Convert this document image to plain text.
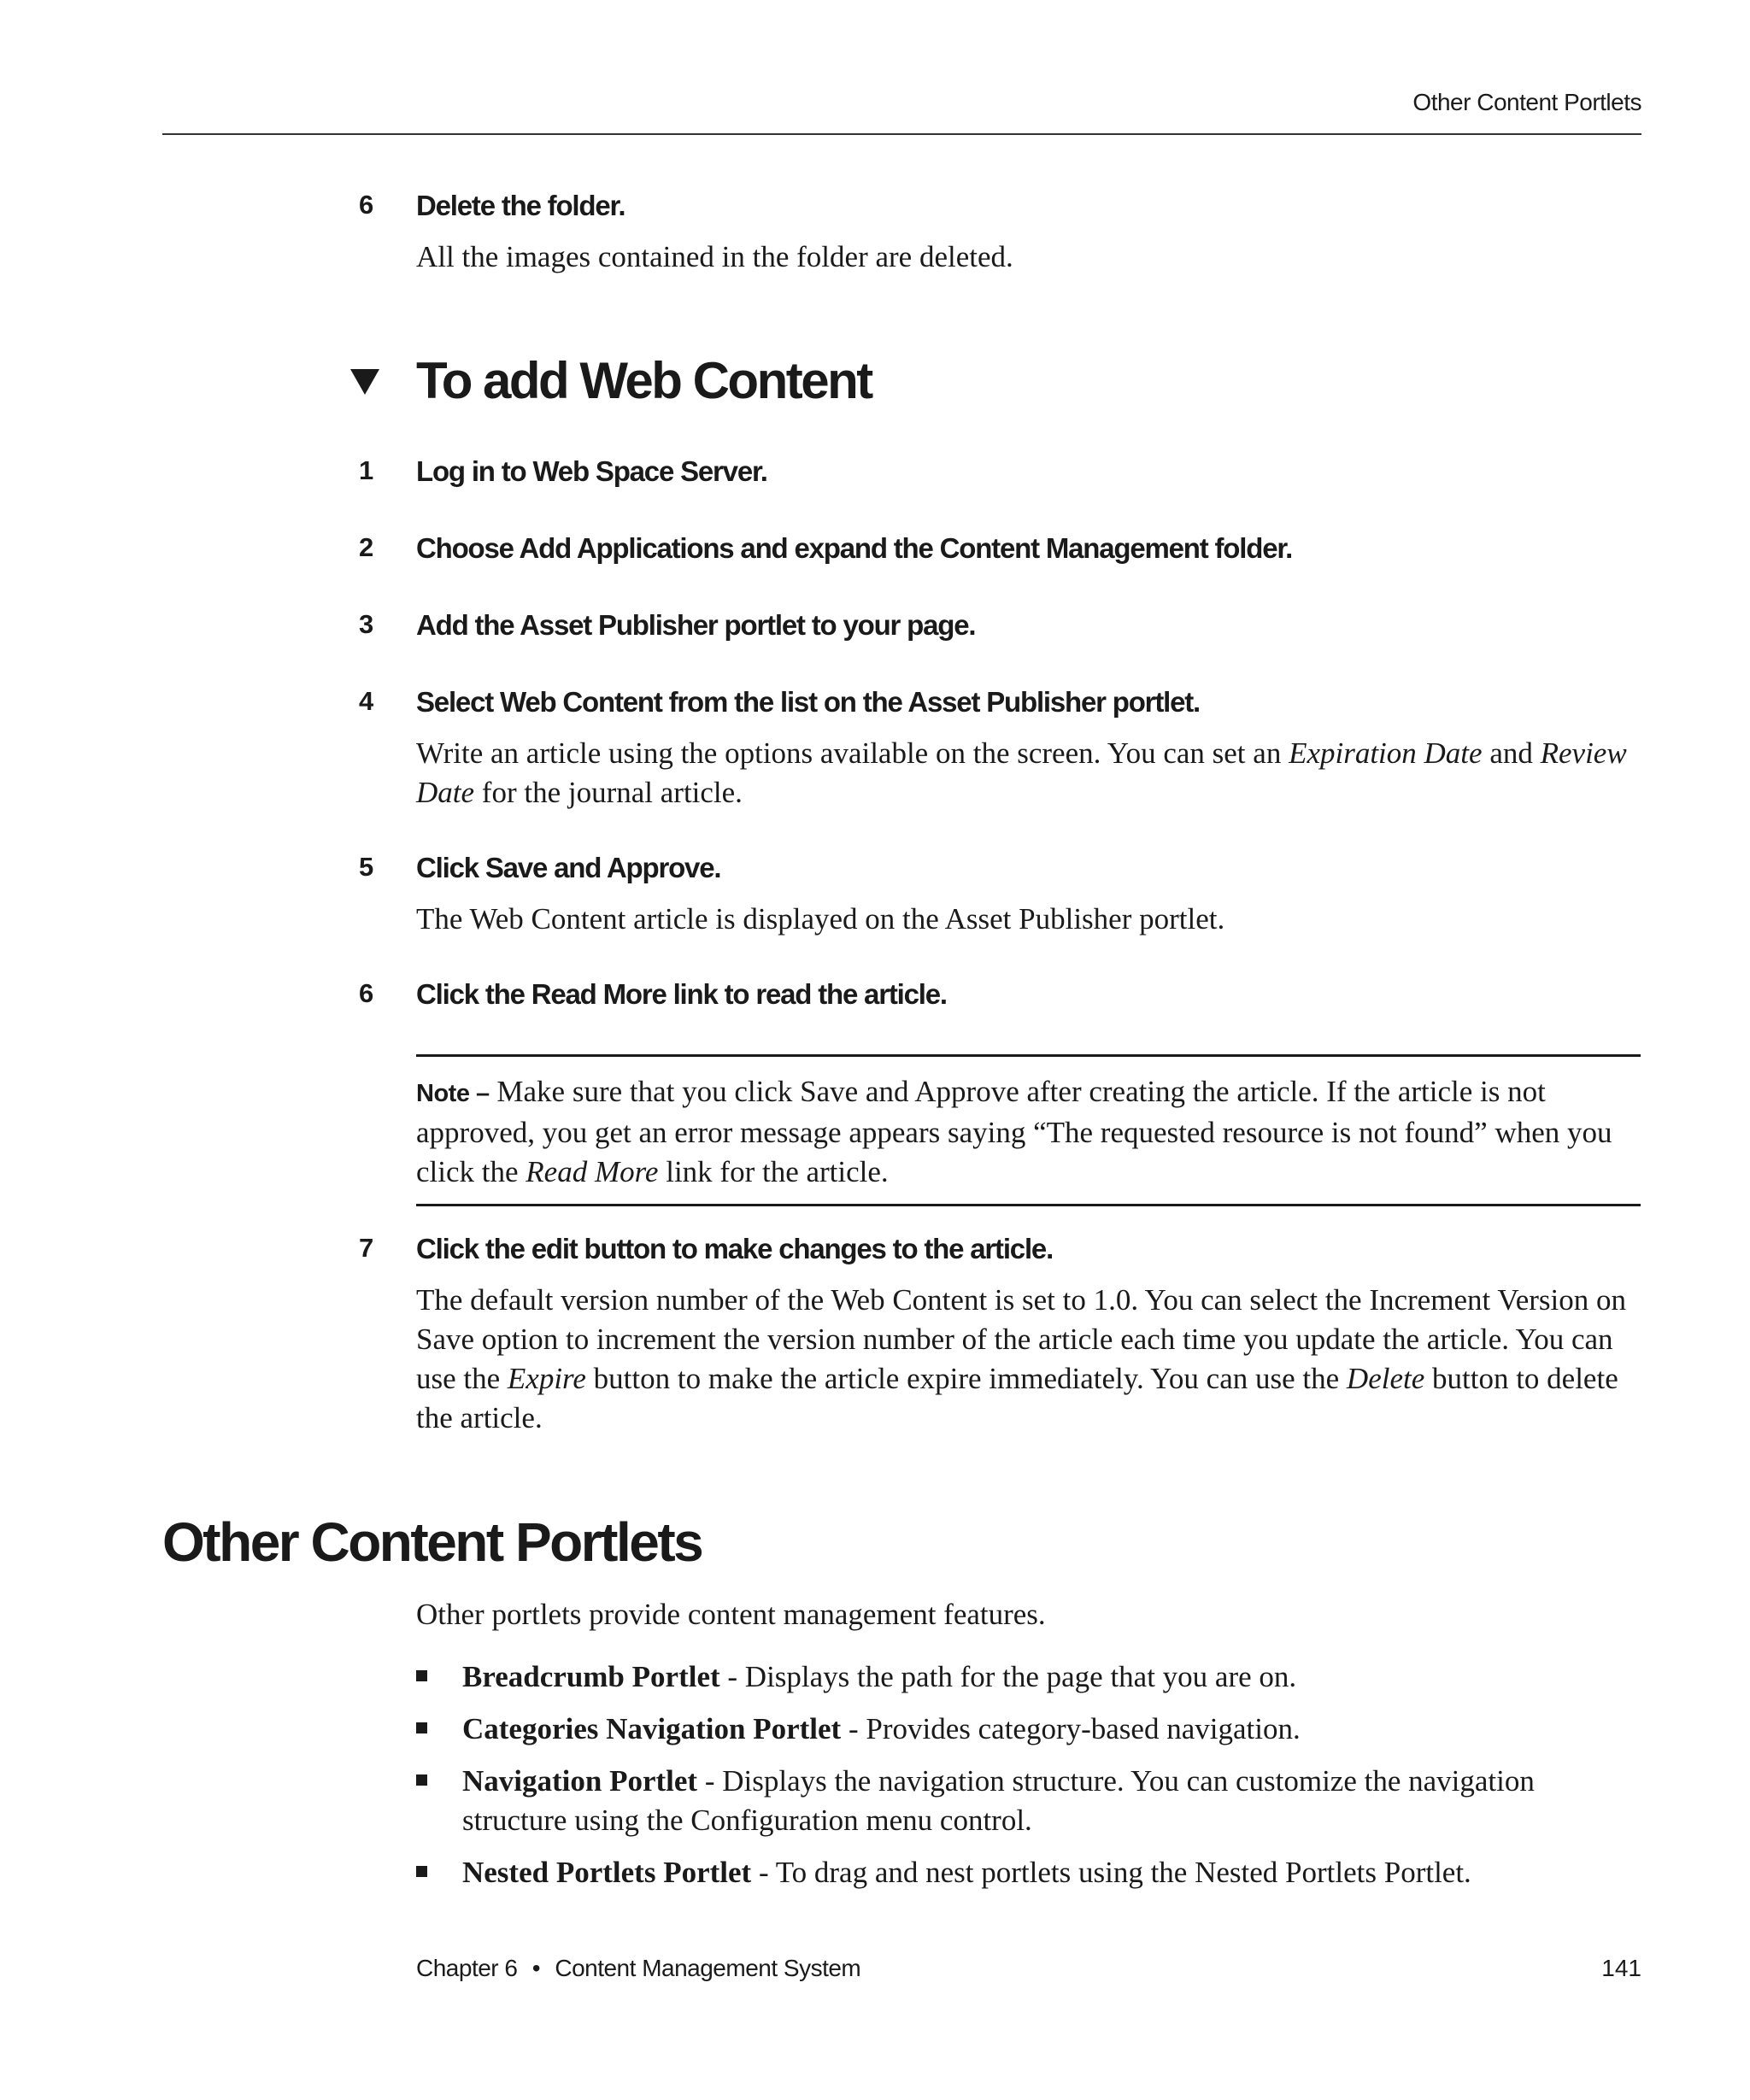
Other Content Portlets
6	Delete the folder.
All the images contained in the folder are deleted.
To add Web Content
1	Log in to Web Space Server.
2	Choose Add Applications and expand the Content Management folder.
3	Add the Asset Publisher portlet to your page.
4	Select Web Content from the list on the Asset Publisher portlet.
Write an article using the options available on the screen. You can set an Expiration Date and Review Date for the journal article.
5	Click Save and Approve.
The Web Content article is displayed on the Asset Publisher portlet.
6	Click the Read More link to read the article.
Note – Make sure that you click Save and Approve after creating the article. If the article is not approved, you get an error message appears saying “The requested resource is not found” when you click the Read More link for the article.
7	Click the edit button to make changes to the article.
The default version number of the Web Content is set to 1.0. You can select the Increment Version on Save option to increment the version number of the article each time you update the article. You can use the Expire button to make the article expire immediately. You can use the Delete button to delete the article.
Other Content Portlets
Other portlets provide content management features.
Breadcrumb Portlet - Displays the path for the page that you are on.
Categories Navigation Portlet - Provides category-based navigation.
Navigation Portlet - Displays the navigation structure. You can customize the navigation structure using the Configuration menu control.
Nested Portlets Portlet - To drag and nest portlets using the Nested Portlets Portlet.
Chapter 6 • Content Management System	141
